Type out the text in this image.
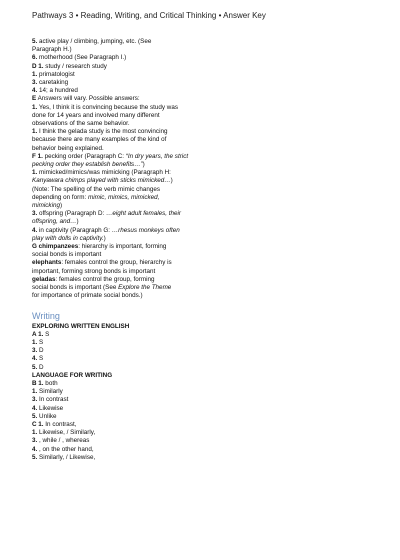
Pathways 3 • Reading, Writing, and Critical Thinking • Answer Key
5. active play / climbing, jumping, etc. (See
Paragraph H.)
6. motherhood (See Paragraph I.)
D 1. study / research study
1. primatologist
3. caretaking
4. 14; a hundred
E Answers will vary. Possible answers:
1. Yes, I think it is convincing because the study was
done for 14 years and involved many different
observations of the same behavior.
1. I think the gelada study is the most convincing
because there are many examples of the kind of
behavior being explained.
F 1. pecking order (Paragraph C: “In dry years, the strict
pecking order they establish benefits…”)
1. mimicked/mimics/was mimicking (Paragraph H:
Kanyawara chimps played with sticks mimicked…)
(Note: The spelling of the verb mimic changes
depending on form: mimic, mimics, mimicked,
mimicking)
3. offspring (Paragraph D: …eight adult females, their
offspring, and…)
4. in captivity (Paragraph G: …rhesus monkeys often
play with dolls in captivity.)
G chimpanzees: hierarchy is important, forming
social bonds is important
elephants: females control the group, hierarchy is
important, forming strong bonds is important
geladas: females control the group, forming
social bonds is important (See Explore the Theme
for importance of primate social bonds.)
Writing
EXPLORING WRITTEN ENGLISH
A 1. S
1. S
3. D
4. S
5. D
LANGUAGE FOR WRITING
B 1. both
1. Similarly
3. In contrast
4. Likewise
5. Unlike
C 1. In contrast,
1. Likewise, / Similarly,
3. , while / , whereas
4. , on the other hand,
5. Similarly, / Likewise,
